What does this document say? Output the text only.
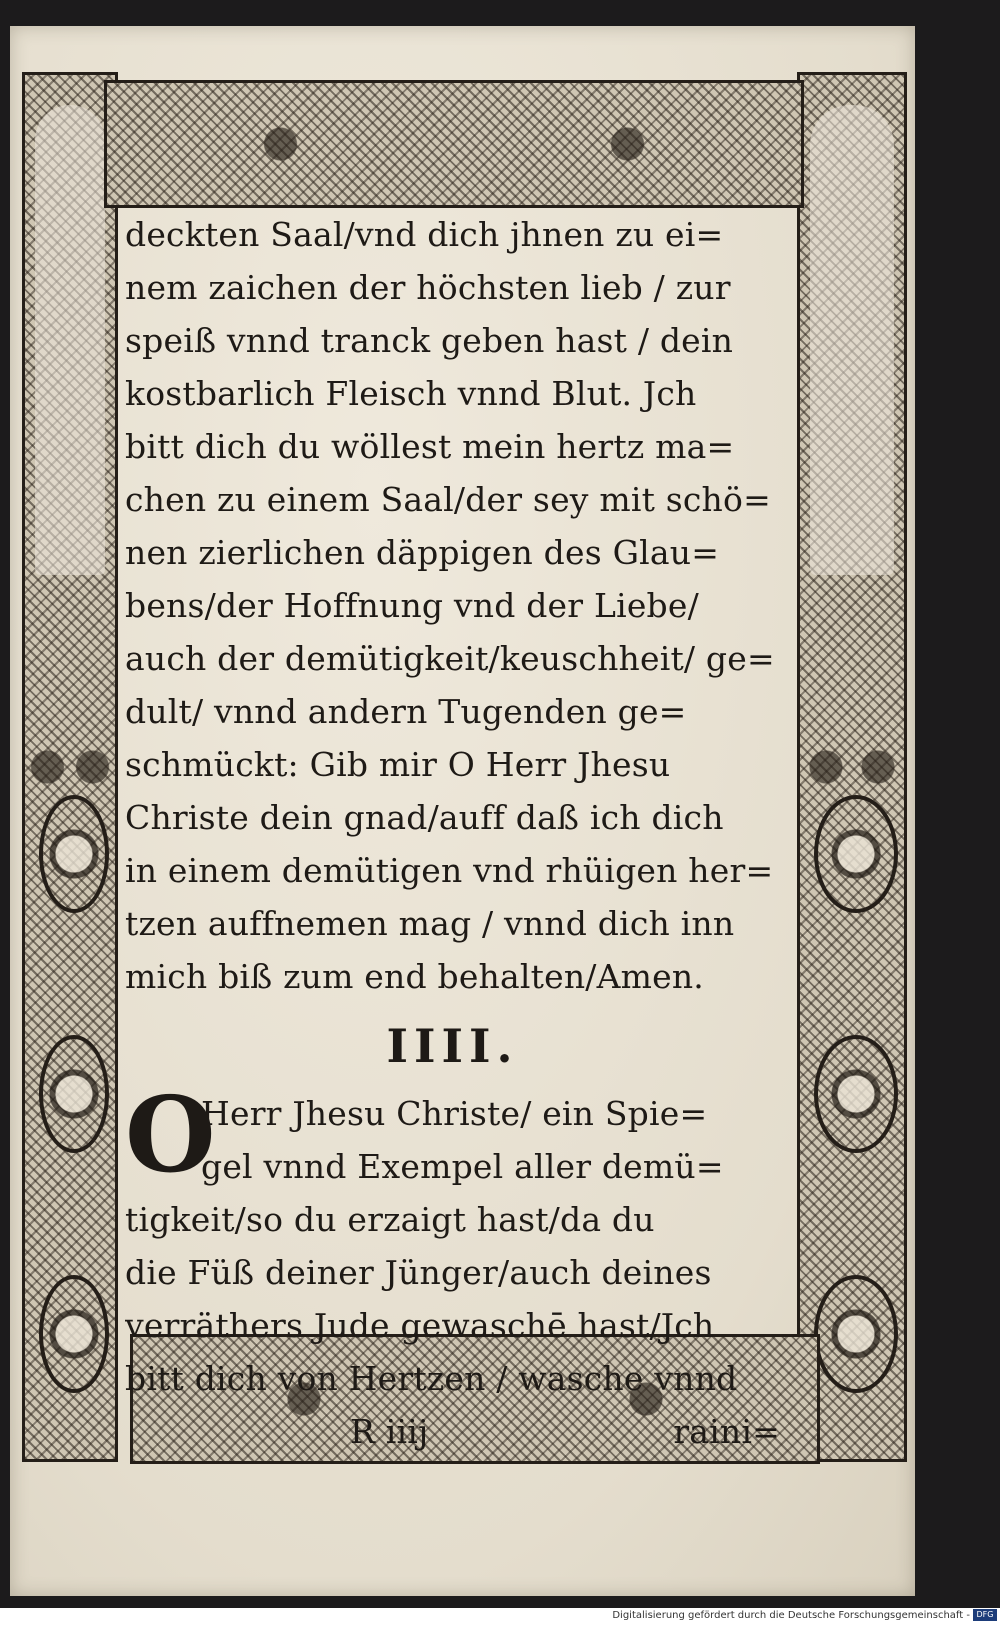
deckten Saal/vnd dich jhnen zu ei=
nem zaichen der höchsten lieb / zur
speiß vnnd tranck geben hast / dein
kostbarlich Fleisch vnnd Blut. Jch
bitt dich du wöllest mein hertz ma=
chen zu einem Saal/der sey mit schö=
nen zierlichen däppigen des Glau=
bens/der Hoffnung vnd der Liebe/
auch der demütigkeit/keuschheit/ ge=
dult/ vnnd andern Tugenden ge=
schmückt: Gib mir O Herr Jhesu
Christe dein gnad/auff daß ich dich
in einem demütigen vnd rhüigen her=
tzen auffnemen mag / vnnd dich inn
mich biß zum end behalten/Amen.
IIII.
O
Herr Jhesu Christe/ ein Spie=
gel vnnd Exempel aller demü=
tigkeit/so du erzaigt hast/da du
die Füß deiner Jünger/auch deines
verräthers Jude gewaschē hast/Jch
bitt dich von Hertzen / wasche vnnd
R iiij	raini=
Digitalisierung gefördert durch die Deutsche Forschungsgemeinschaft - DFG
